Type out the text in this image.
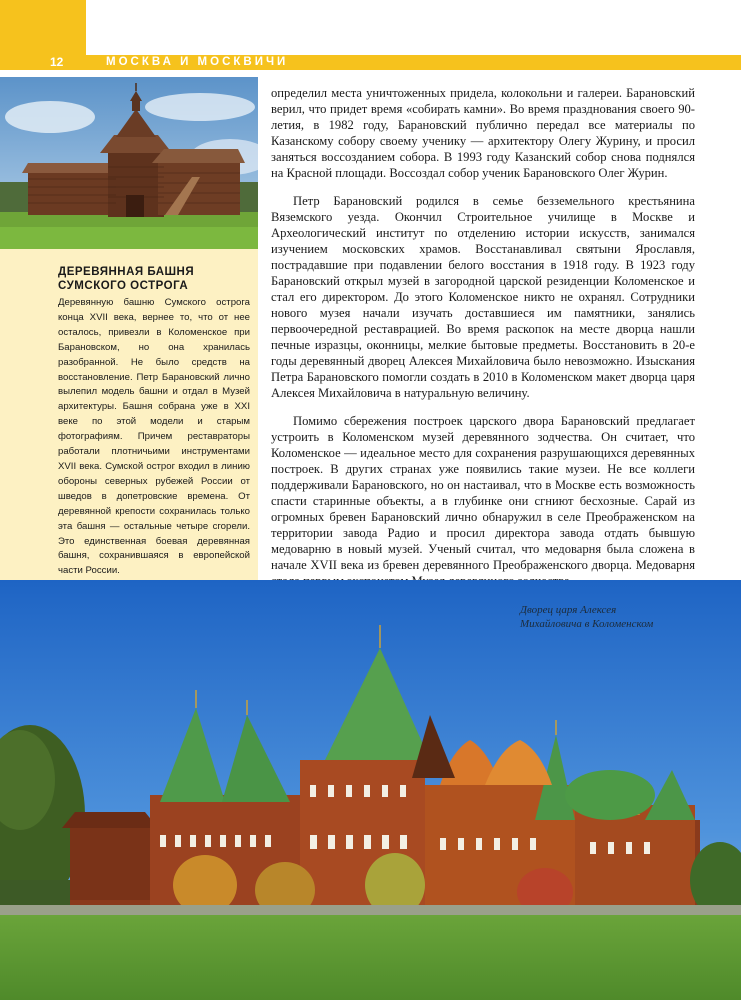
12	МОСКВА И МОСКВИЧИ

ДЕРЕВЯННАЯ БАШНЯ
СУМСКОГО ОСТРОГА

Деревянную башню Сумского острога конца XVII века, вернее то, что от нее осталось, привезли в Коломенское при Барановском, но она хранилась разобранной. Не было средств на восстановление. Петр Барановский лично вылепил модель башни и отдал в Музей архитектуры. Башня собрана уже в XXI веке по этой модели и старым фотографиям. Причем реставраторы работали плотничьими инструментами XVII века. Сумской острог входил в линию обороны северных рубежей России от шведов в допетровские времена. От деревянной крепости сохранилась только эта башня — остальные четыре сгорели. Это единственная боевая деревянная башня, сохранившаяся в европейской части России.

определил места уничтоженных придела, колокольни и галереи. Барановский верил, что придет время «собирать камни». Во время празднования своего 90-летия, в 1982 году, Барановский публично передал все материалы по Казанскому собору своему ученику — архитектору Олегу Журину, и просил заняться воссозданием собора. В 1993 году Казанский собор снова поднялся на Красной площади. Воссоздал собор ученик Барановского Олег Журин.

Петр Барановский родился в семье безземельного крестьянина Вяземского уезда. Окончил Строительное училище в Москве и Археологический институт по отделению истории искусств, занимался изучением московских храмов. Восстанавливал святыни Ярославля, пострадавшие при подавлении белого восстания в 1918 году. В 1923 году Барановский открыл музей в загородной царской резиденции Коломенское и стал его директором. До этого Коломенское никто не охранял. Сотрудники нового музея начали изучать доставшиеся им памятники, занялись первоочередной реставрацией. Во время раскопок на месте дворца нашли печные изразцы, оконницы, мелкие бытовые предметы. Восстановить в 20-е годы деревянный дворец Алексея Михайловича было невозможно. Изыскания Петра Барановского помогли создать в 2010 в Коломенском макет дворца царя Алексея Михайловича в натуральную величину.

Помимо сбережения построек царского двора Барановский предлагает устроить в Коломенском музей деревянного зодчества. Он считает, что Коломенское — идеальное место для сохранения разрушающихся деревянных построек. В других странах уже появились такие музеи. Не все коллеги поддерживали Барановского, но он настаивал, что в Москве есть возможность спасти старинные объекты, а в глубинке они сгниют бесхозные. Сарай из огромных бревен Барановский лично обнаружил в селе Преображенском на территории завода Радио и просил директора завода отдать бывшую медоварню в новый музей. Ученый считал, что медоварня была сложена в начале XVII века из бревен деревянного Преображенского дворца. Медоварня

Дворец царя Алексея
Михайловича в Коломенском
